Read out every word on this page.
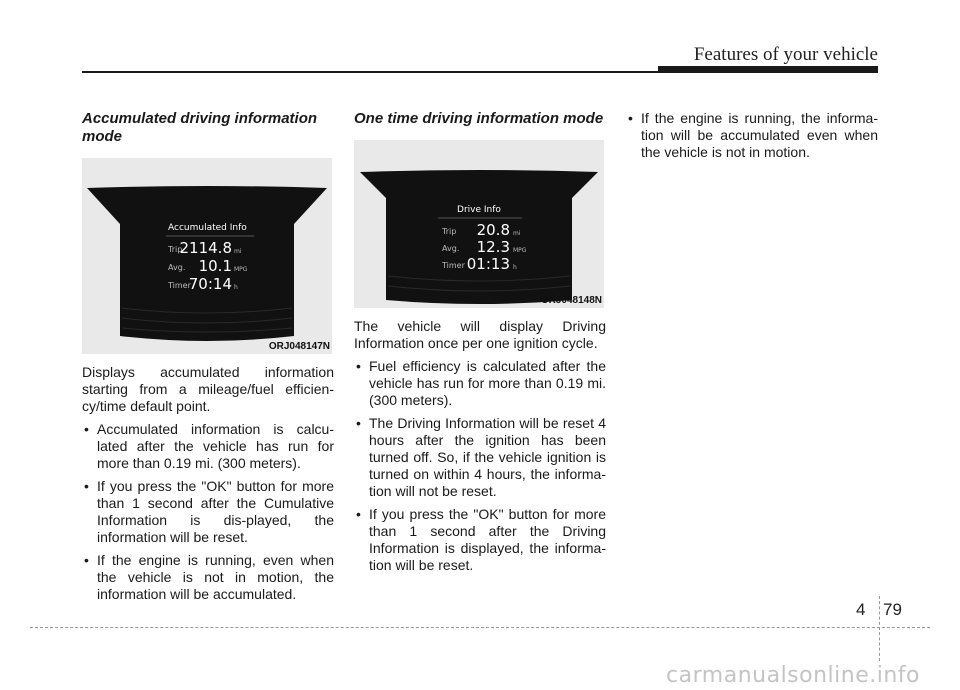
Features of your vehicle
Accumulated driving information mode
Accumulated Info
Trip
2114.8 mi
Avg. 10.1 MPG
Timer
70:14 h
ORJ048147N

Displays accumulated information starting from a mileage/fuel efficien-cy/time default point.

• Accumulated information is calcu-lated after the vehicle has run for more than 0.19 mi. (300 meters).
• If you press the "OK" button for more than 1 second after the Cumulative Information is dis-played, the information will be reset.
• If the engine is running, even when the vehicle is not in motion, the information will be accumulated.
One time driving information mode
Drive Info
Trip 20.8 mi
Avg. 12.3 MPG
Timer 01:13 h
ORJ048148N

The vehicle will display Driving Information once per one ignition cycle.

• Fuel efficiency is calculated after the vehicle has run for more than 0.19 mi. (300 meters).
• The Driving Information will be reset 4 hours after the ignition has been turned off. So, if the vehicle ignition is turned on within 4 hours, the informa-tion will not be reset.
• If you press the "OK" button for more than 1 second after the Driving Information is displayed, the informa-tion will be reset.
• If the engine is running, the informa-tion will be accumulated even when the vehicle is not in motion.
4 79
carmanualsonline.info
